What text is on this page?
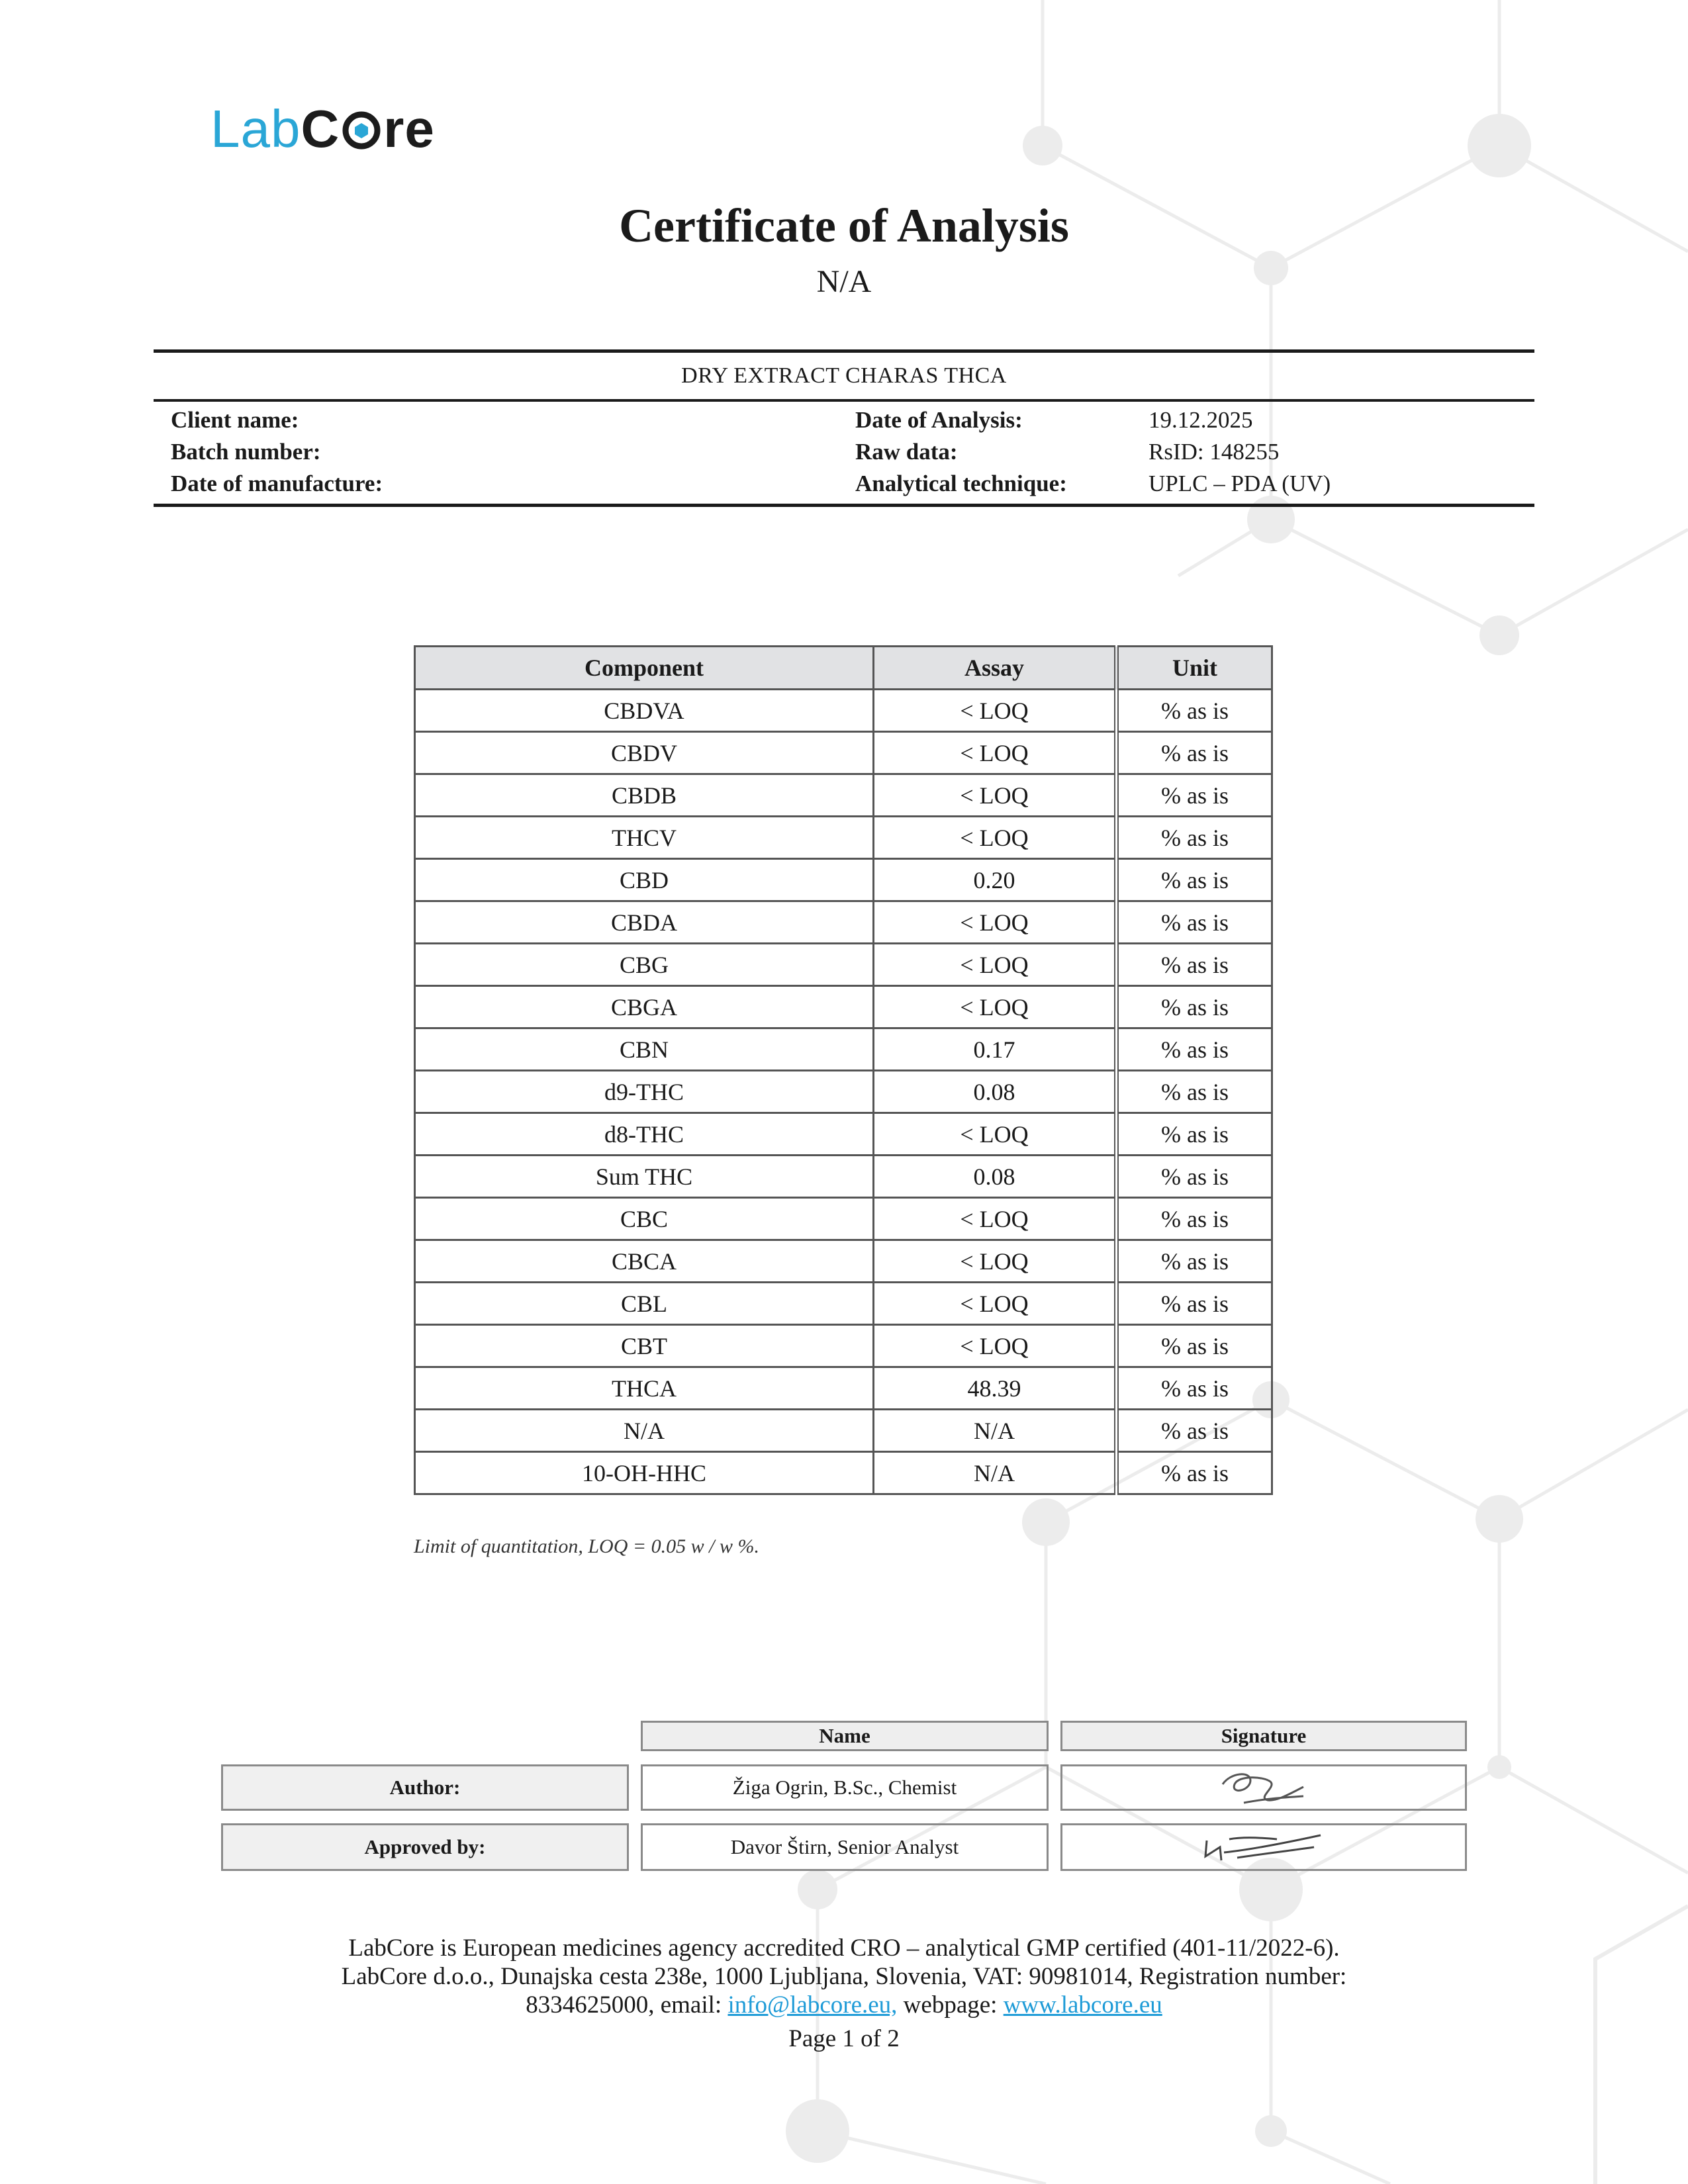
Lab C re
Certificate of Analysis
N/A
DRY EXTRACT CHARAS THCA
Client name:
Batch number:
Date of manufacture:
Date of Analysis:	19.12.2025
Raw data:	RsID: 148255
Analytical technique:	UPLC – PDA (UV)
Component	Assay	Unit
CBDVA	< LOQ	% as is
CBDV	< LOQ	% as is
CBDB	< LOQ	% as is
THCV	< LOQ	% as is
CBD	0.20	% as is
CBDA	< LOQ	% as is
CBG	< LOQ	% as is
CBGA	< LOQ	% as is
CBN	0.17	% as is
d9-THC	0.08	% as is
d8-THC	< LOQ	% as is
Sum THC	0.08	% as is
CBC	< LOQ	% as is
CBCA	< LOQ	% as is
CBL	< LOQ	% as is
CBT	< LOQ	% as is
THCA	48.39	% as is
N/A	N/A	% as is
10-OH-HHC	N/A	% as is
Limit of quantitation, LOQ = 0.05 w / w %.
Name	Signature
Author:	Žiga Ogrin, B.Sc., Chemist
Approved by:	Davor Štirn, Senior Analyst
LabCore is European medicines agency accredited CRO – analytical GMP certified (401-11/2022-6).
LabCore d.o.o., Dunajska cesta 238e, 1000 Ljubljana, Slovenia, VAT: 90981014, Registration number:
8334625000, email: info@labcore.eu, webpage: www.labcore.eu
Page 1 of 2
